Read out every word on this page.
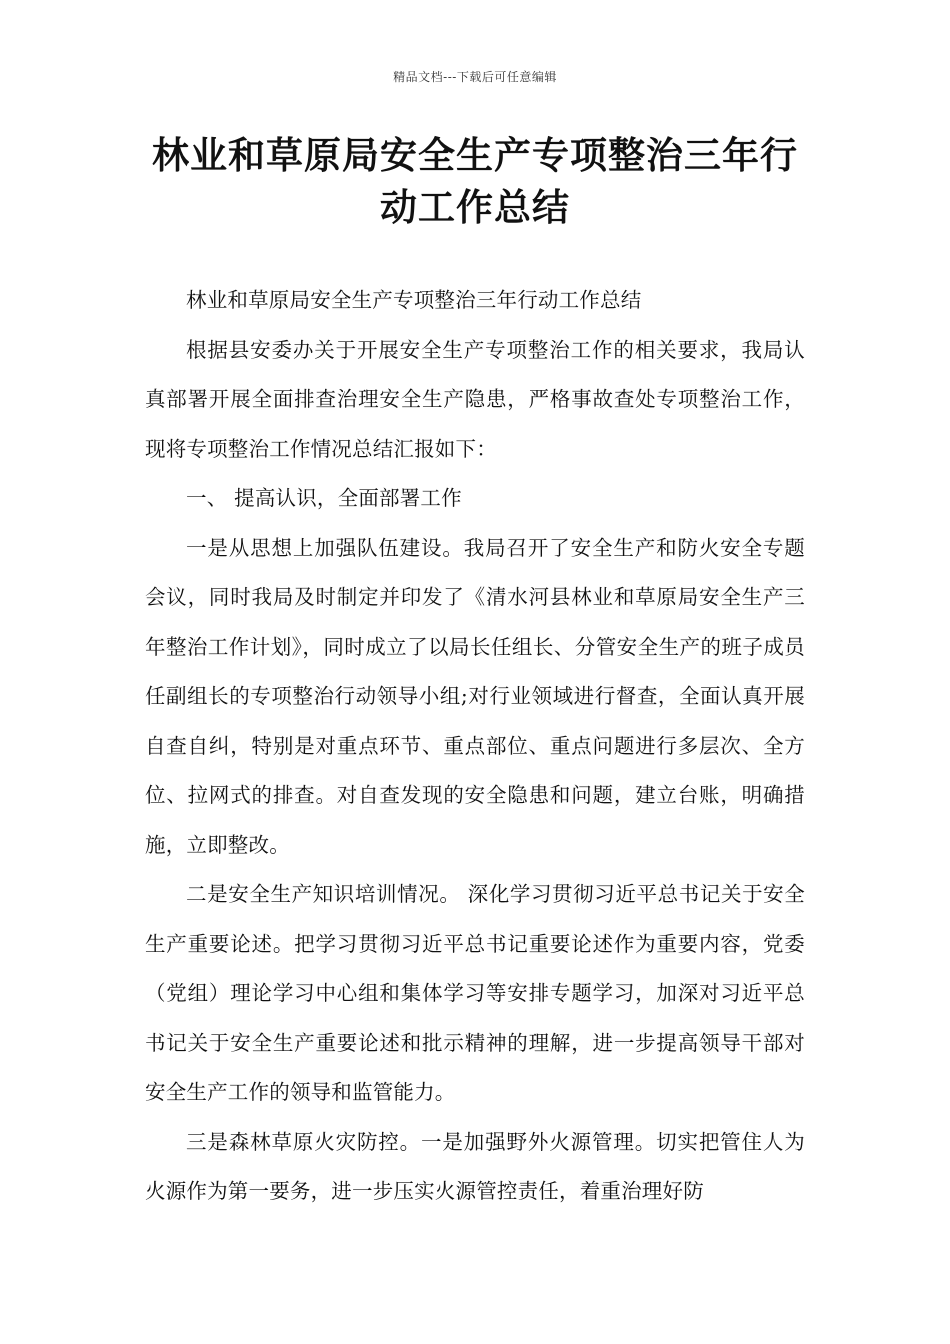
精品文档---下载后可任意编辑
林业和草原局安全生产专项整治三年行动工作总结

林业和草原局安全生产专项整治三年行动工作总结

根据县安委办关于开展安全生产专项整治工作的相关要求，我局认真部署开展全面排查治理安全生产隐患，严格事故查处专项整治工作，现将专项整治工作情况总结汇报如下：

一、 提高认识，全面部署工作

一是从思想上加强队伍建设。我局召开了安全生产和防火安全专题会议，同时我局及时制定并印发了《清水河县林业和草原局安全生产三年整治工作计划》，同时成立了以局长任组长、分管安全生产的班子成员任副组长的专项整治行动领导小组;对行业领域进行督查，全面认真开展自查自纠，特别是对重点环节、重点部位、重点问题进行多层次、全方位、拉网式的排查。对自查发现的安全隐患和问题，建立台账，明确措施，立即整改。

二是安全生产知识培训情况。 深化学习贯彻习近平总书记关于安全生产重要论述。把学习贯彻习近平总书记重要论述作为重要内容，党委（党组）理论学习中心组和集体学习等安排专题学习，加深对习近平总书记关于安全生产重要论述和批示精神的理解，进一步提高领导干部对安全生产工作的领导和监管能力。

三是森林草原火灾防控。一是加强野外火源管理。切实把管住人为火源作为第一要务，进一步压实火源管控责任，着重治理好防
